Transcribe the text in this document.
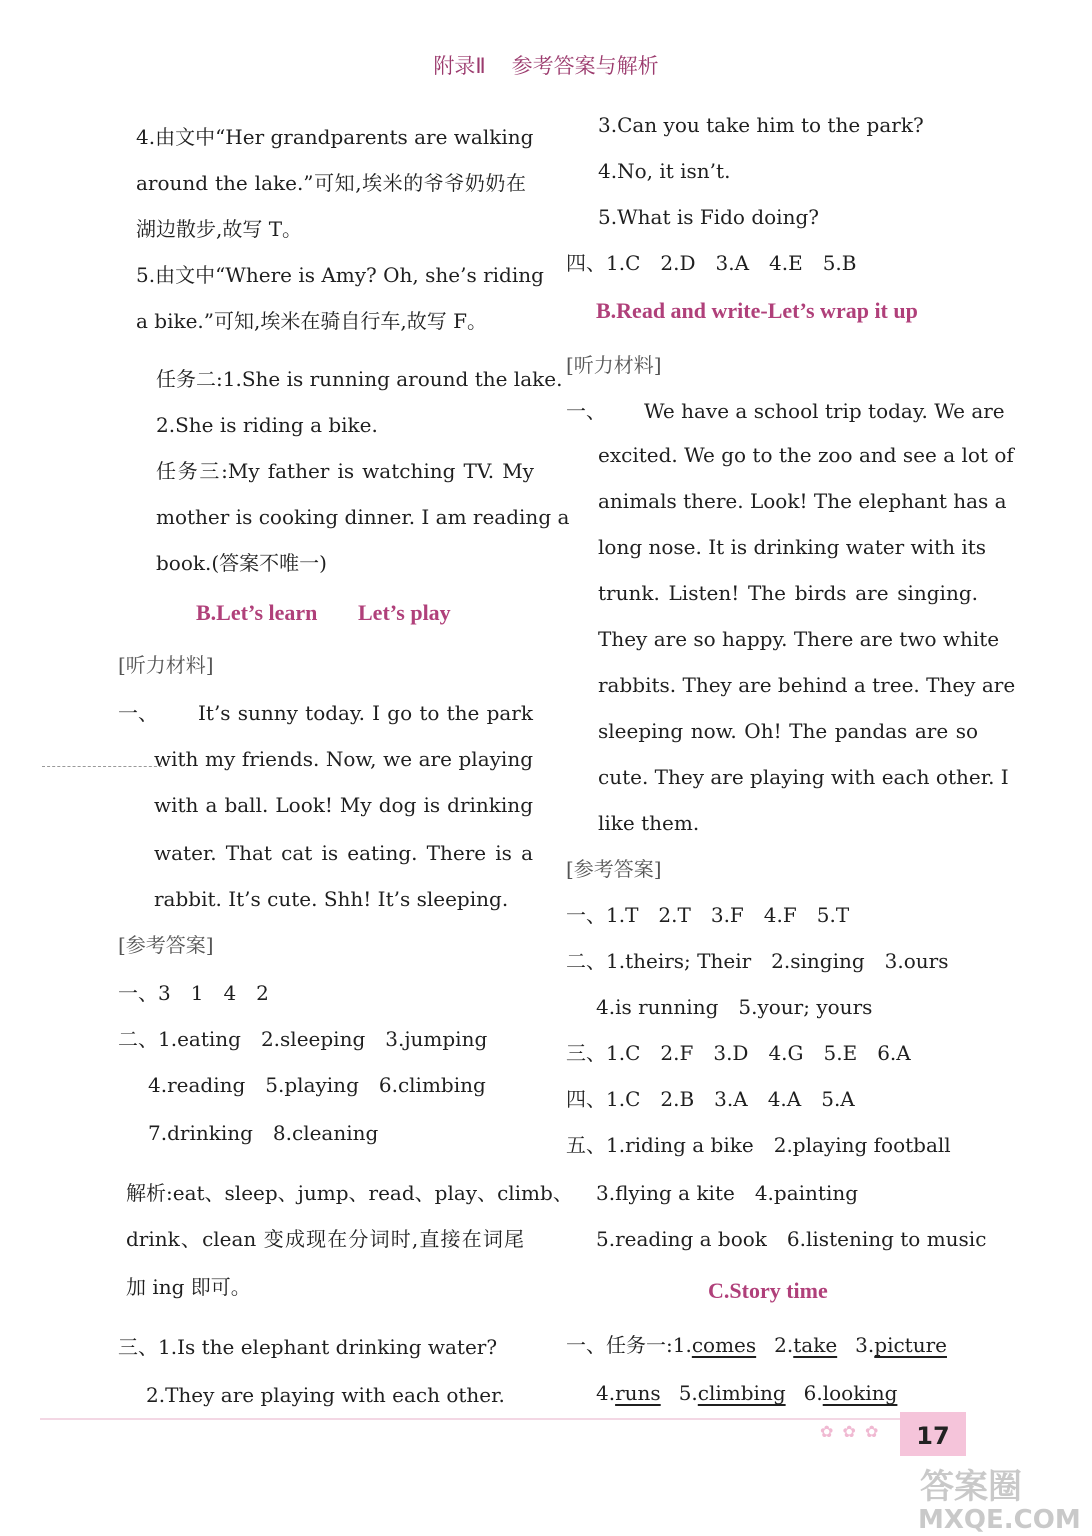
附录Ⅱ 参考答案与解析
4.由文中“Her grandparents are walking
around the lake.”可知,埃米的爷爷奶奶在
湖边散步,故写 T。
5.由文中“Where is Amy? Oh, she’s riding
a bike.”可知,埃米在骑自行车,故写 F。
任务二:1.She is running around the lake.
2.She is riding a bike.
任务三:My father is watching TV. My
mother is cooking dinner. I am reading a
book.(答案不唯一)
B.Let’s learn Let’s play
[听力材料]
一、 It’s sunny today. I go to the park
with my friends. Now, we are playing
with a ball. Look! My dog is drinking
water. That cat is eating. There is a
rabbit. It’s cute. Shh! It’s sleeping.
[参考答案]
一、3　1　4　2
二、1.eating　2.sleeping　3.jumping
4.reading　5.playing　6.climbing
7.drinking　8.cleaning
解析:eat、sleep、jump、read、play、climb、
drink、clean 变成现在分词时,直接在词尾
加 ing 即可。
三、1.Is the elephant drinking water?
2.They are playing with each other.
3.Can you take him to the park?
4.No, it isn’t.
5.What is Fido doing?
四、1.C　2.D　3.A　4.E　5.B
B.Read and write-Let’s wrap it up
[听力材料]
一、 We have a school trip today. We are
excited. We go to the zoo and see a lot of
animals there. Look! The elephant has a
long nose. It is drinking water with its
trunk. Listen! The birds are singing.
They are so happy. There are two white
rabbits. They are behind a tree. They are
sleeping now. Oh! The pandas are so
cute. They are playing with each other. I
like them.
[参考答案]
一、1.T　2.T　3.F　4.F　5.T
二、1.theirs; Their　2.singing　3.ours
4.is running　5.your; yours
三、1.C　2.F　3.D　4.G　5.E　6.A
四、1.C　2.B　3.A　4.A　5.A
五、1.riding a bike　2.playing football
3.flying a kite　4.painting
5.reading a book　6.listening to music
C.Story time
一、任务一:1.comes 2.take 3.picture
4.runs 5.climbing 6.looking
✿ ✿ ✿	17
答案圈
MXQE.COM
